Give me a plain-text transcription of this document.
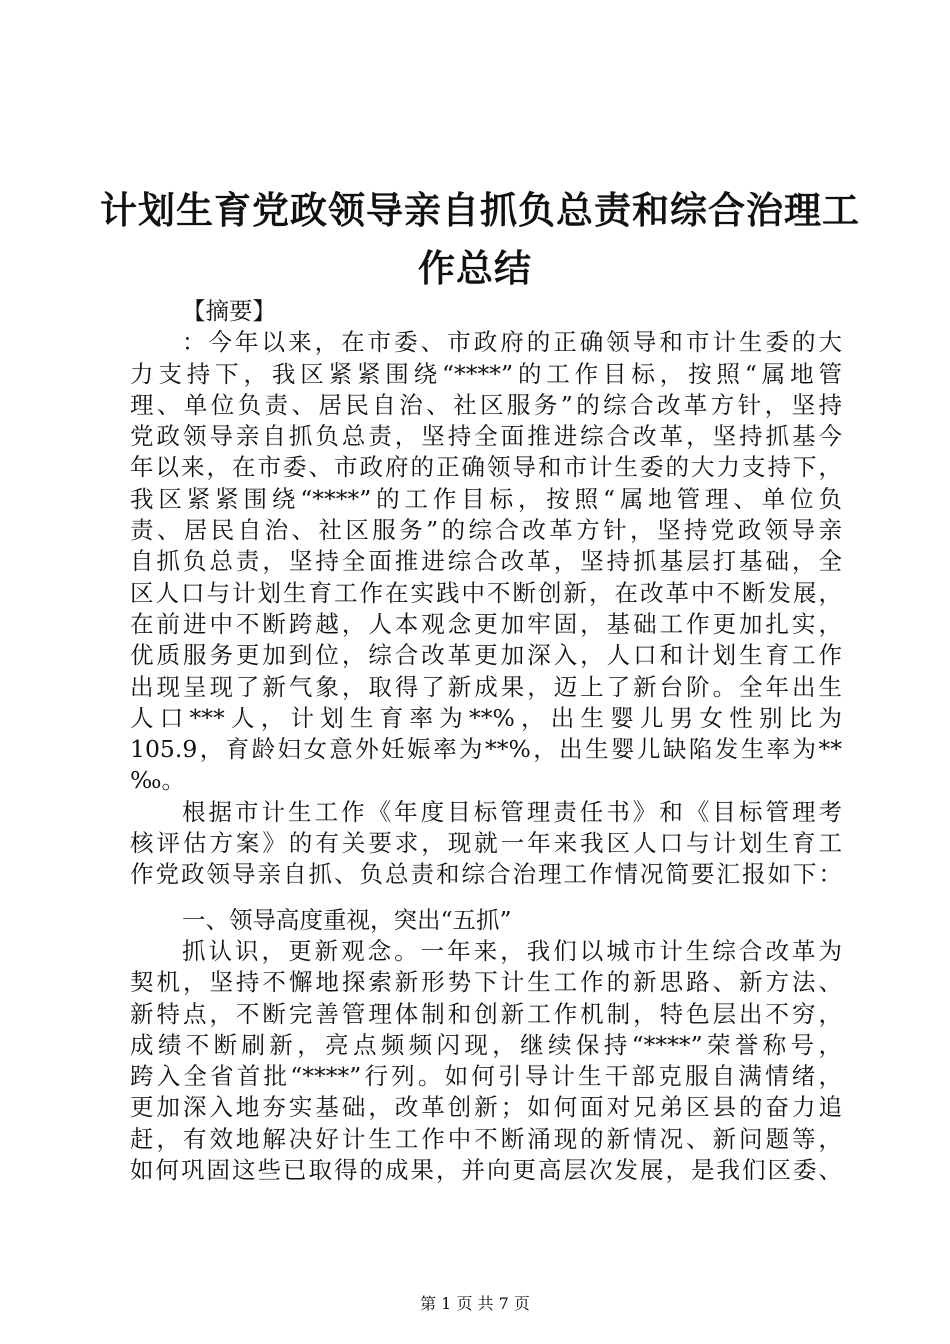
计划生育党政领导亲自抓负总责和综合治理工
作总结
【摘要】
：今年以来，在市委、市政府的正确领导和市计生委的大
力支持下，我区紧紧围绕“****”的工作目标，按照“属地管
理、单位负责、居民自治、社区服务”的综合改革方针，坚持
党政领导亲自抓负总责，坚持全面推进综合改革，坚持抓基今
年以来，在市委、市政府的正确领导和市计生委的大力支持下，
我区紧紧围绕“****”的工作目标，按照“属地管理、单位负
责、居民自治、社区服务”的综合改革方针，坚持党政领导亲
自抓负总责，坚持全面推进综合改革，坚持抓基层打基础，全
区人口与计划生育工作在实践中不断创新，在改革中不断发展，
在前进中不断跨越，人本观念更加牢固，基础工作更加扎实，
优质服务更加到位，综合改革更加深入，人口和计划生育工作
出现呈现了新气象，取得了新成果，迈上了新台阶。全年出生
人口***人，计划生育率为**%，出生婴儿男女性别比为
105.9，育龄妇女意外妊娠率为**%，出生婴儿缺陷发生率为**
‰。
根据市计生工作《年度目标管理责任书》和《目标管理考
核评估方案》的有关要求，现就一年来我区人口与计划生育工
作党政领导亲自抓、负总责和综合治理工作情况简要汇报如下：
一、领导高度重视，突出“五抓”
抓认识，更新观念。一年来，我们以城市计生综合改革为
契机，坚持不懈地探索新形势下计生工作的新思路、新方法、
新特点，不断完善管理体制和创新工作机制，特色层出不穷，
成绩不断刷新，亮点频频闪现，继续保持“****”荣誉称号，
跨入全省首批“****”行列。如何引导计生干部克服自满情绪，
更加深入地夯实基础，改革创新；如何面对兄弟区县的奋力追
赶，有效地解决好计生工作中不断涌现的新情况、新问题等，
如何巩固这些已取得的成果，并向更高层次发展，是我们区委、
第 1 页 共 7 页
